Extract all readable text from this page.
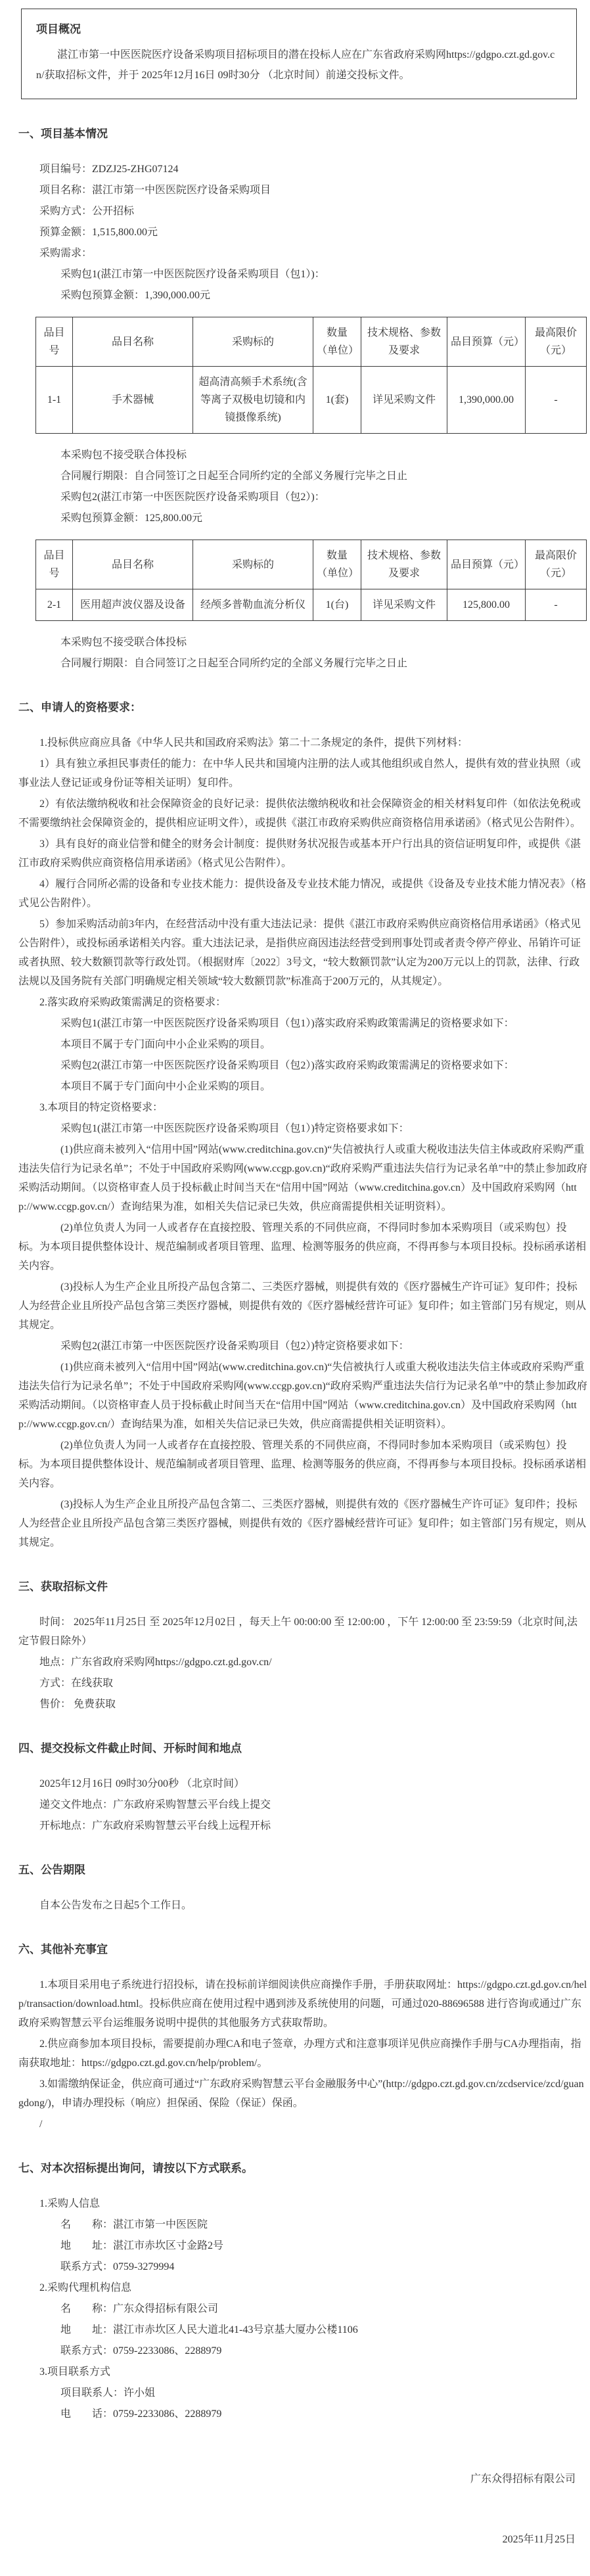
项目概况

湛江市第一中医医院医疗设备采购项目招标项目的潜在投标人应在广东省政府采购网https://gdgpo.czt.gd.gov.cn/获取招标文件，并于 2025年12月16日 09时30分 （北京时间）前递交投标文件。

一、项目基本情况

项目编号：ZDZJ25-ZHG07124

项目名称：湛江市第一中医医院医疗设备采购项目

采购方式：公开招标

预算金额：1,515,800.00元

采购需求：

采购包1(湛江市第一中医医院医疗设备采购项目（包1）)：

采购包预算金额：1,390,000.00元

品目号	品目名称	采购标的	数量（单位）	技术规格、参数及要求	品目预算（元）	最高限价（元）
1-1	手术器械	超高清高频手术系统(含等离子双极电切镜和内镜摄像系统)	1(套)	详见采购文件	1,390,000.00	-

本采购包不接受联合体投标

合同履行期限：自合同签订之日起至合同所约定的全部义务履行完毕之日止

采购包2(湛江市第一中医医院医疗设备采购项目（包2）)：

采购包预算金额：125,800.00元

品目号	品目名称	采购标的	数量（单位）	技术规格、参数及要求	品目预算（元）	最高限价（元）
2-1	医用超声波仪器及设备	经颅多普勒血流分析仪	1(台)	详见采购文件	125,800.00	-

本采购包不接受联合体投标

合同履行期限：自合同签订之日起至合同所约定的全部义务履行完毕之日止

二、申请人的资格要求：

1.投标供应商应具备《中华人民共和国政府采购法》第二十二条规定的条件，提供下列材料：

1）具有独立承担民事责任的能力：在中华人民共和国境内注册的法人或其他组织或自然人，提供有效的营业执照（或事业法人登记证或身份证等相关证明）复印件。

2）有依法缴纳税收和社会保障资金的良好记录：提供依法缴纳税收和社会保障资金的相关材料复印件（如依法免税或不需要缴纳社会保障资金的，提供相应证明文件），或提供《湛江市政府采购供应商资格信用承诺函》（格式见公告附件）。

3）具有良好的商业信誉和健全的财务会计制度：提供财务状况报告或基本开户行出具的资信证明复印件，或提供《湛江市政府采购供应商资格信用承诺函》（格式见公告附件）。

4）履行合同所必需的设备和专业技术能力：提供设备及专业技术能力情况，或提供《设备及专业技术能力情况表》（格式见公告附件）。

5）参加采购活动前3年内，在经营活动中没有重大违法记录：提供《湛江市政府采购供应商资格信用承诺函》（格式见公告附件），或投标函承诺相关内容。重大违法记录，是指供应商因违法经营受到刑事处罚或者责令停产停业、吊销许可证或者执照、较大数额罚款等行政处罚。（根据财库〔2022〕3号文，“较大数额罚款”认定为200万元以上的罚款，法律、行政法规以及国务院有关部门明确规定相关领域“较大数额罚款”标准高于200万元的，从其规定）。

2.落实政府采购政策需满足的资格要求：

采购包1(湛江市第一中医医院医疗设备采购项目（包1）)落实政府采购政策需满足的资格要求如下：

本项目不属于专门面向中小企业采购的项目。

采购包2(湛江市第一中医医院医疗设备采购项目（包2）)落实政府采购政策需满足的资格要求如下：

本项目不属于专门面向中小企业采购的项目。

3.本项目的特定资格要求：

采购包1(湛江市第一中医医院医疗设备采购项目（包1）)特定资格要求如下：

(1)供应商未被列入“信用中国”网站(www.creditchina.gov.cn)“失信被执行人或重大税收违法失信主体或政府采购严重违法失信行为记录名单”；不处于中国政府采购网(www.ccgp.gov.cn)“政府采购严重违法失信行为记录名单”中的禁止参加政府采购活动期间。（以资格审查人员于投标截止时间当天在“信用中国”网站（www.creditchina.gov.cn）及中国政府采购网（http://www.ccgp.gov.cn/）查询结果为准，如相关失信记录已失效，供应商需提供相关证明资料）。

(2)单位负责人为同一人或者存在直接控股、管理关系的不同供应商，不得同时参加本采购项目（或采购包）投标。为本项目提供整体设计、规范编制或者项目管理、监理、检测等服务的供应商，不得再参与本项目投标。投标函承诺相关内容。

(3)投标人为生产企业且所投产品包含第二、三类医疗器械，则提供有效的《医疗器械生产许可证》复印件；投标人为经营企业且所投产品包含第三类医疗器械，则提供有效的《医疗器械经营许可证》复印件；如主管部门另有规定，则从其规定。

采购包2(湛江市第一中医医院医疗设备采购项目（包2）)特定资格要求如下：

(1)供应商未被列入“信用中国”网站(www.creditchina.gov.cn)“失信被执行人或重大税收违法失信主体或政府采购严重违法失信行为记录名单”；不处于中国政府采购网(www.ccgp.gov.cn)“政府采购严重违法失信行为记录名单”中的禁止参加政府采购活动期间。（以资格审查人员于投标截止时间当天在“信用中国”网站（www.creditchina.gov.cn）及中国政府采购网（http://www.ccgp.gov.cn/）查询结果为准，如相关失信记录已失效，供应商需提供相关证明资料）。

(2)单位负责人为同一人或者存在直接控股、管理关系的不同供应商，不得同时参加本采购项目（或采购包）投标。为本项目提供整体设计、规范编制或者项目管理、监理、检测等服务的供应商，不得再参与本项目投标。投标函承诺相关内容。

(3)投标人为生产企业且所投产品包含第二、三类医疗器械，则提供有效的《医疗器械生产许可证》复印件；投标人为经营企业且所投产品包含第三类医疗器械，则提供有效的《医疗器械经营许可证》复印件；如主管部门另有规定，则从其规定。

三、获取招标文件

时间： 2025年11月25日 至 2025年12月02日 ，每天上午 00:00:00 至 12:00:00 ，下午 12:00:00 至 23:59:59（北京时间,法定节假日除外）

地点：广东省政府采购网https://gdgpo.czt.gd.gov.cn/

方式：在线获取

售价： 免费获取

四、提交投标文件截止时间、开标时间和地点

2025年12月16日 09时30分00秒 （北京时间）

递交文件地点：广东政府采购智慧云平台线上提交

开标地点：广东政府采购智慧云平台线上远程开标

五、公告期限

自本公告发布之日起5个工作日。

六、其他补充事宜

1.本项目采用电子系统进行招投标，请在投标前详细阅读供应商操作手册，手册获取网址：https://gdgpo.czt.gd.gov.cn/help/transaction/download.html。投标供应商在使用过程中遇到涉及系统使用的问题，可通过020-88696588 进行咨询或通过广东政府采购智慧云平台运维服务说明中提供的其他服务方式获取帮助。

2.供应商参加本项目投标，需要提前办理CA和电子签章，办理方式和注意事项详见供应商操作手册与CA办理指南，指南获取地址：https://gdgpo.czt.gd.gov.cn/help/problem/。

3.如需缴纳保证金，供应商可通过“广东政府采购智慧云平台金融服务中心”(http://gdgpo.czt.gd.gov.cn/zcdservice/zcd/guangdong/)，申请办理投标（响应）担保函、保险（保证）保函。

/

七、对本次招标提出询问，请按以下方式联系。

1.采购人信息

名　　称：湛江市第一中医医院

地　　址：湛江市赤坎区寸金路2号

联系方式：0759-3279994

2.采购代理机构信息

名　　称：广东众得招标有限公司

地　　址：湛江市赤坎区人民大道北41-43号京基大厦办公楼1106

联系方式：0759-2233086、2288979

3.项目联系方式

项目联系人：许小姐

电　　话：0759-2233086、2288979

广东众得招标有限公司

2025年11月25日
